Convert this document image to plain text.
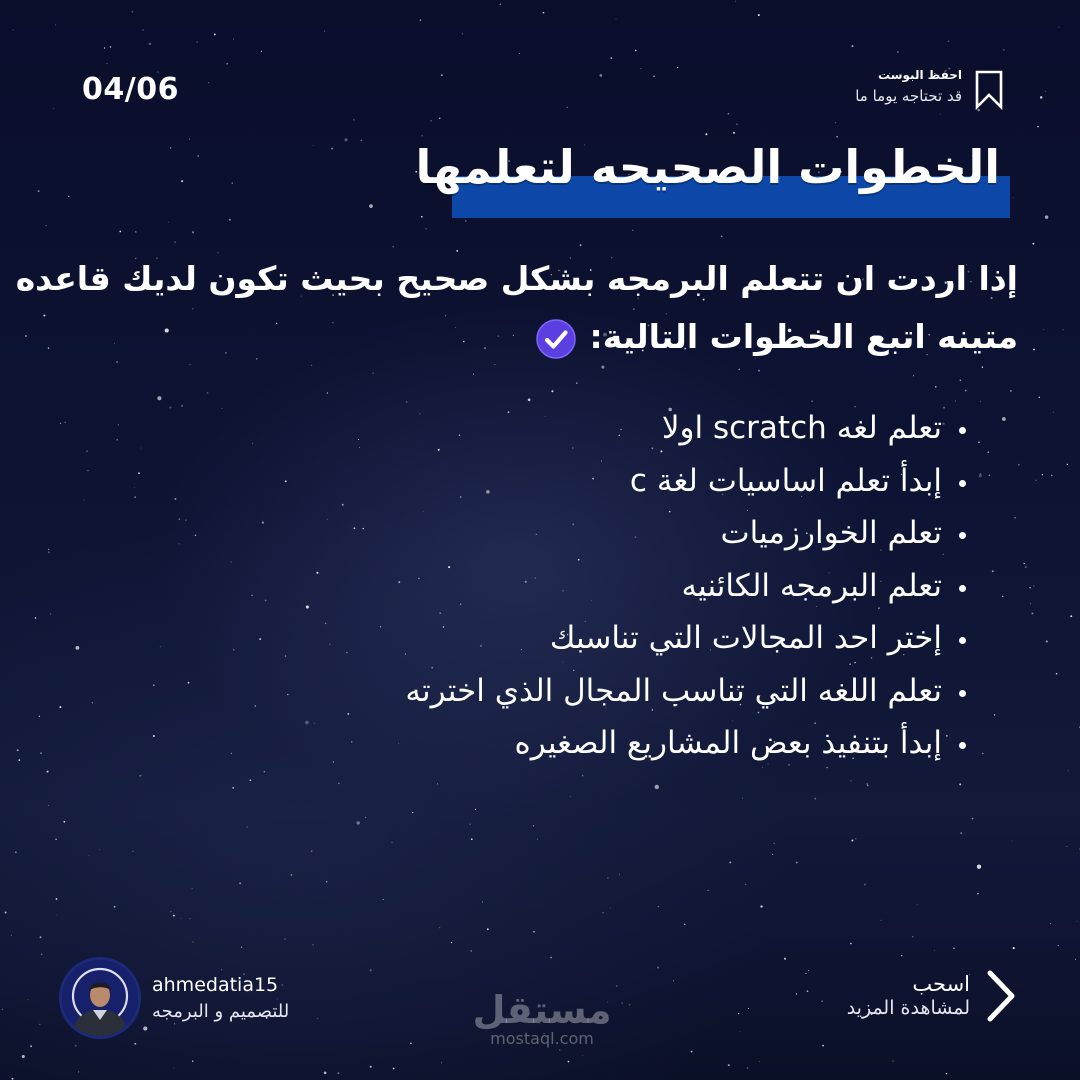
04/06	احفظ البوست
قد تحتاجه يوما ما
الخطوات الصحيحه لتعلمها
إذا اردت ان تتعلم البرمجه بشكل صحيح بحيث تكون لديك قاعده
متينه اتبع الخطوات التالية:
تعلم لغه scratch اولا
إبدأ تعلم اساسيات لغة c
تعلم الخوارزميات
تعلم البرمجه الكائنيه
إختر احد المجالات التي تناسبك
تعلم اللغه التي تناسب المجال الذي اخترته
إبدأ بتنفيذ بعض المشاريع الصغيره
ahmedatia15
للتصميم و البرمجه	مستقل
mostaql.com
اسحب
لمشاهدة المزيد
